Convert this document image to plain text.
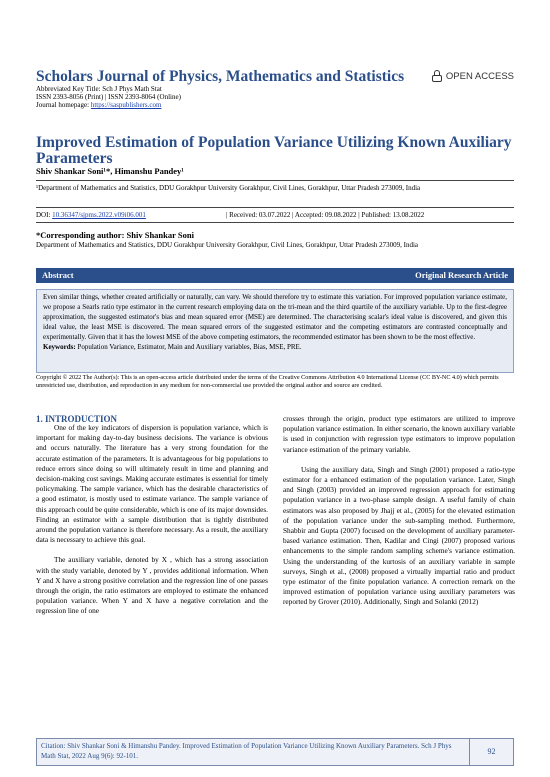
Scholars Journal of Physics, Mathematics and Statistics	OPEN ACCESS
Abbreviated Key Title: Sch J Phys Math Stat
ISSN 2393-8056 (Print) | ISSN 2393-8064 (Online)
Journal homepage: https://saspublishers.com
Improved Estimation of Population Variance Utilizing Known Auxiliary Parameters
Shiv Shankar Soni¹*, Himanshu Pandey¹
¹Department of Mathematics and Statistics, DDU Gorakhpur University Gorakhpur, Civil Lines, Gorakhpur, Uttar Pradesh 273009, India
DOI: 10.36347/sjpms.2022.v09i06.001	| Received: 03.07.2022 | Accepted: 09.08.2022 | Published: 13.08.2022
*Corresponding author: Shiv Shankar Soni
Department of Mathematics and Statistics, DDU Gorakhpur University Gorakhpur, Civil Lines, Gorakhpur, Uttar Pradesh 273009, India
Abstract	Original Research Article
Even similar things, whether created artificially or naturally, can vary. We should therefore try to estimate this variation. For improved population variance estimate, we propose a Searls ratio type estimator in the current research employing data on the tri-mean and the third quartile of the auxiliary variable. Up to the first-degree approximation, the suggested estimator's bias and mean squared error (MSE) are determined. The characterising scalar's ideal value is discovered, and given this ideal value, the least MSE is discovered. The mean squared errors of the suggested estimator and the competing estimators are contrasted conceptually and experimentally. Given that it has the lowest MSE of the above competing estimators, the recommended estimator has been shown to be the most effective.
Keywords: Population Variance, Estimator, Main and Auxiliary variables, Bias, MSE, PRE.
Copyright © 2022 The Author(s): This is an open-access article distributed under the terms of the Creative Commons Attribution 4.0 International License (CC BY-NC 4.0) which permits unrestricted use, distribution, and reproduction in any medium for non-commercial use provided the original author and source are credited.
1. INTRODUCTION

One of the key indicators of dispersion is population variance, which is important for making day-to-day business decisions. The variance is obvious and occurs naturally. The literature has a very strong foundation for the accurate estimation of the parameters. It is advantageous for big populations to reduce errors since doing so will ultimately result in time and planning and decision-making cost savings. Making accurate estimates is essential for timely policymaking. The sample variance, which has the desirable characteristics of a good estimator, is mostly used to estimate variance. The sample variance of this approach could be quite considerable, which is one of its major downsides. Finding an estimator with a sample distribution that is tightly distributed around the population variance is therefore necessary. As a result, the auxiliary data is necessary to achieve this goal.

The auxiliary variable, denoted by X , which has a strong association with the study variable, denoted by Y , provides additional information. When Y and X have a strong positive correlation and the regression line of one passes through the origin, the ratio estimators are employed to estimate the enhanced population variance. When Y and X have a negative correlation and the regression line of one

crosses through the origin, product type estimators are utilized to improve population variance estimation. In either scenario, the known auxiliary variable is used in conjunction with regression type estimators to improve population variance estimation of the primary variable.

Using the auxiliary data, Singh and Singh (2001) proposed a ratio-type estimator for a enhanced estimation of the population variance. Later, Singh and Singh (2003) provided an improved regression approach for estimating population variance in a two-phase sample design. A useful family of chain estimators was also proposed by Jhajj et al., (2005) for the elevated estimation of the population variance under the sub-sampling method. Furthermore, Shabbir and Gupta (2007) focused on the development of auxiliary parameter-based variance estimation. Then, Kadilar and Cingi (2007) proposed various enhancements to the simple random sampling scheme's variance estimation. Using the understanding of the kurtosis of an auxiliary variable in sample surveys, Singh et al., (2008) proposed a virtually impartial ratio and product type estimator of the finite population variance. A correction remark on the improved estimation of population variance using auxiliary parameters was reported by Grover (2010). Additionally, Singh and Solanki (2012)

Citation: Shiv Shankar Soni & Himanshu Pandey. Improved Estimation of Population Variance Utilizing Known Auxiliary Parameters. Sch J Phys Math Stat, 2022 Aug 9(6): 92-101.	92
